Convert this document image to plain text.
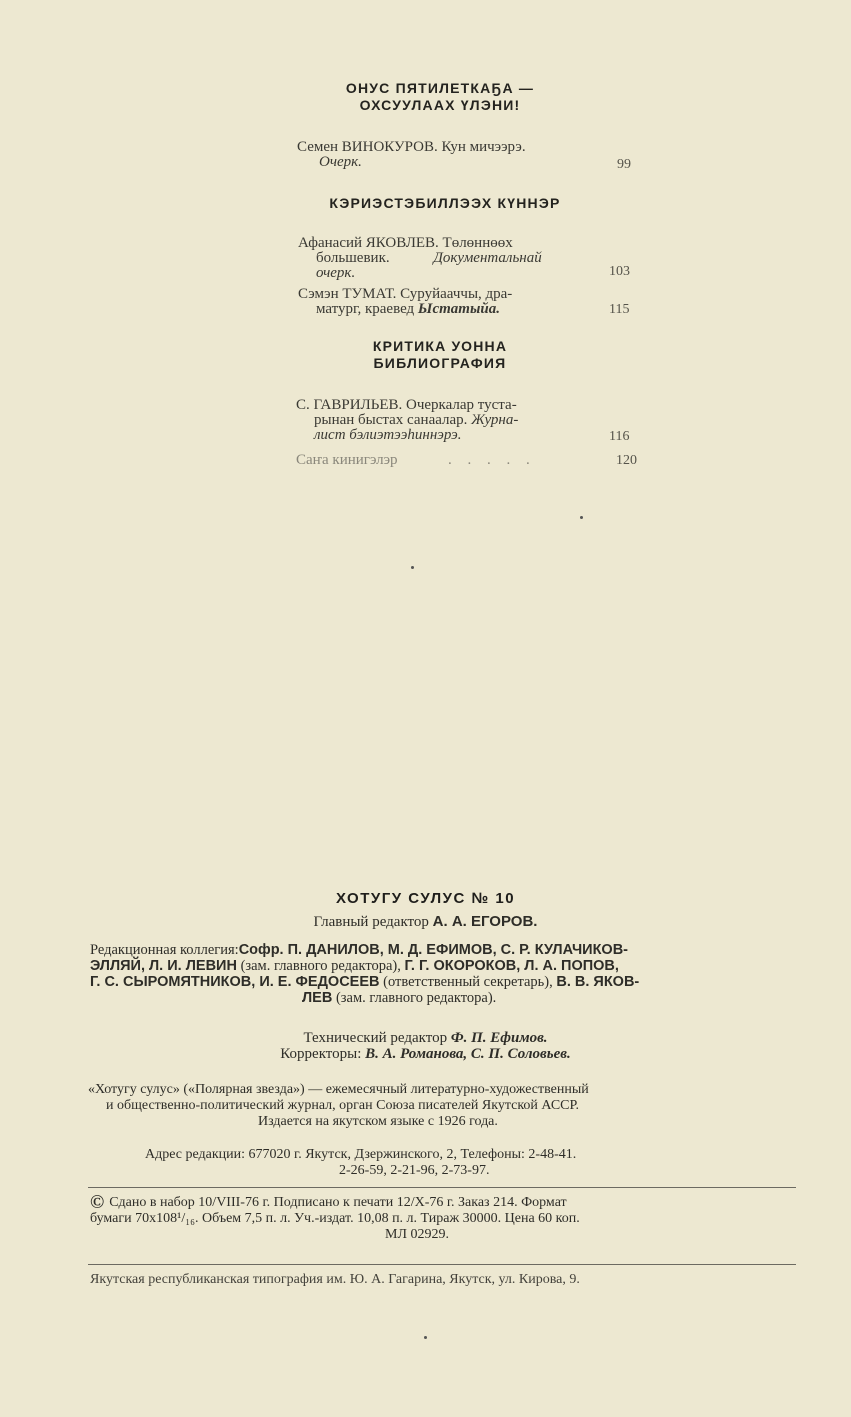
ОНУС ПЯТИЛЕТКАҔА —
ОХСУУЛААХ ҮЛЭНИ!
Семен ВИНОКУРОВ. Кун мичээрэ.
Очерк.	99
КЭРИЭСТЭБИЛЛЭЭХ КҮННЭР
Афанасий ЯКОВЛЕВ. Төлөннөөх
большевик.	Документальнай
очерк.	103
Сэмэн ТУМАТ. Суруйааччы, дра-
матург, краевед Ыстатыйа.	115
КРИТИКА УОННА
БИБЛИОГРАФИЯ
С. ГАВРИЛЬЕВ. Очеркалар туста-
рынан быстах санаалар. Журна-
лист бэлиэтээһиннэрэ.	116
Саҥа кинигэлэр	. . . . .	120
ХОТУГУ СУЛУС № 10
Главный редактор А. А. ЕГОРОВ.
Редакционная коллегия:Софр. П. ДАНИЛОВ, М. Д. ЕФИМОВ, С. Р. КУЛАЧИКОВ-
ЭЛЛЯЙ, Л. И. ЛЕВИН (зам. главного редактора), Г. Г. ОКОРОКОВ, Л. А. ПОПОВ,
Г. С. СЫРОМЯТНИКОВ, И. Е. ФЕДОСЕЕВ (ответственный секретарь), В. В. ЯКОВ-
ЛЕВ (зам. главного редактора).
Технический редактор Ф. П. Ефимов.
Корректоры: В. А. Романова, С. П. Соловьев.
«Хотугу сулус» («Полярная звезда») — ежемесячный литературно-художественный
и общественно-политический журнал, орган Союза писателей Якутской АССР.
Издается на якутском языке с 1926 года.
Адрес редакции: 677020 г. Якутск, Дзержинского, 2, Телефоны: 2-48-41.
2-26-59, 2-21-96, 2-73-97.
© Сдано в набор 10/VIII-76 г. Подписано к печати 12/Х-76 г. Заказ 214. Формат
бумаги 70х108¹/₁₆. Объем 7,5 п. л. Уч.-издат. 10,08 п. л. Тираж 30000. Цена 60 коп.
МЛ 02929.
Якутская республиканская типография им. Ю. А. Гагарина, Якутск, ул. Кирова, 9.
